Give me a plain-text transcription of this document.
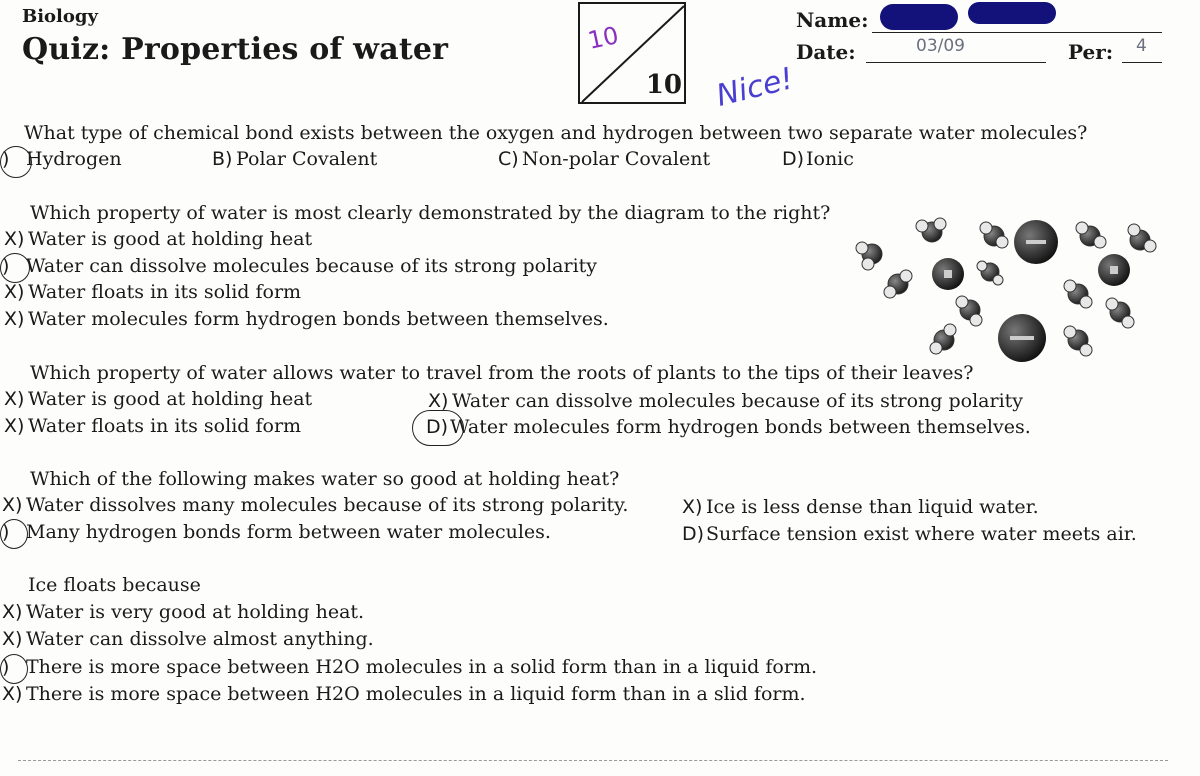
Biology
Quiz: Properties of water	10
10 Nice!
Name:
Date:	03/09	Per: 4
What type of chemical bond exists between the oxygen and hydrogen between two separate water molecules?
) Hydrogen	B) Polar Covalent	C) Non-polar Covalent	D) Ionic
Which property of water is most clearly demonstrated by the diagram to the right?
X) Water is good at holding heat
) Water can dissolve molecules because of its strong polarity
X) Water floats in its solid form
X) Water molecules form hydrogen bonds between themselves.
Which property of water allows water to travel from the roots of plants to the tips of their leaves?
X) Water is good at holding heat	X) Water can dissolve molecules because of its strong polarity
X) Water floats in its solid form	D) Water molecules form hydrogen bonds between themselves.
Which of the following makes water so good at holding heat?
X) Water dissolves many molecules because of its strong polarity.	X) Ice is less dense than liquid water.
) Many hydrogen bonds form between water molecules.	D) Surface tension exist where water meets air.
Ice floats because
X) Water is very good at holding heat.
X) Water can dissolve almost anything.
) There is more space between H2O molecules in a solid form than in a liquid form.
X) There is more space between H2O molecules in a liquid form than in a slid form.
